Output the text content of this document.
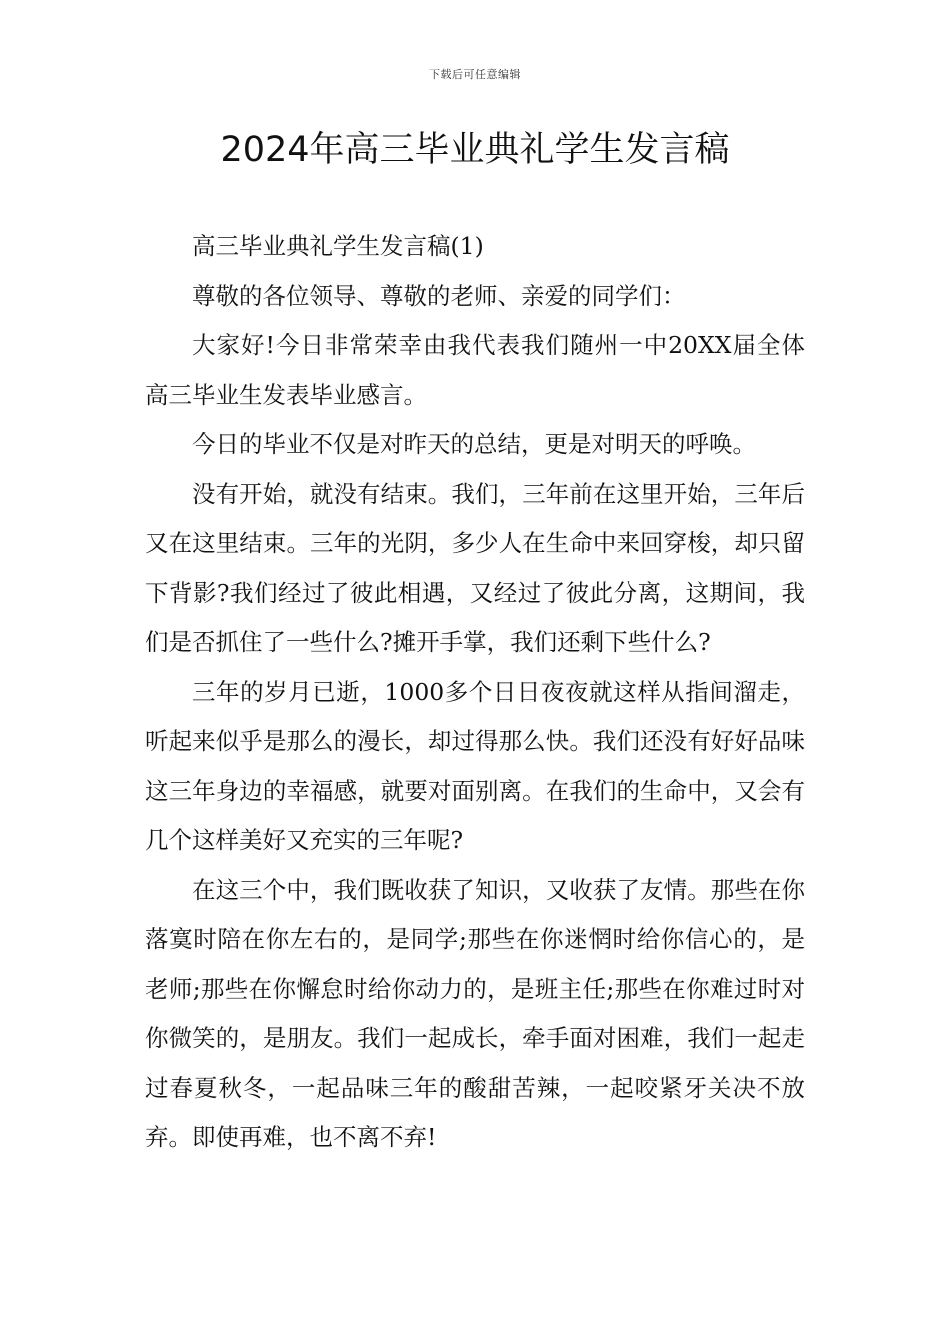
下载后可任意编辑
2024年高三毕业典礼学生发言稿

高三毕业典礼学生发言稿(1)

尊敬的各位领导、尊敬的老师、亲爱的同学们：

大家好!今日非常荣幸由我代表我们随州一中20XX届全体高三毕业生发表毕业感言。

今日的毕业不仅是对昨天的总结，更是对明天的呼唤。

没有开始，就没有结束。我们，三年前在这里开始，三年后又在这里结束。三年的光阴，多少人在生命中来回穿梭，却只留下背影?我们经过了彼此相遇，又经过了彼此分离，这期间，我们是否抓住了一些什么?摊开手掌，我们还剩下些什么?

三年的岁月已逝，1000多个日日夜夜就这样从指间溜走，听起来似乎是那么的漫长，却过得那么快。我们还没有好好品味这三年身边的幸福感，就要对面别离。在我们的生命中，又会有几个这样美好又充实的三年呢?

在这三个中，我们既收获了知识，又收获了友情。那些在你落寞时陪在你左右的，是同学;那些在你迷惘时给你信心的，是老师;那些在你懈怠时给你动力的，是班主任;那些在你难过时对你微笑的，是朋友。我们一起成长，牵手面对困难，我们一起走过春夏秋冬，一起品味三年的酸甜苦辣，一起咬紧牙关决不放弃。即使再难，也不离不弃!
